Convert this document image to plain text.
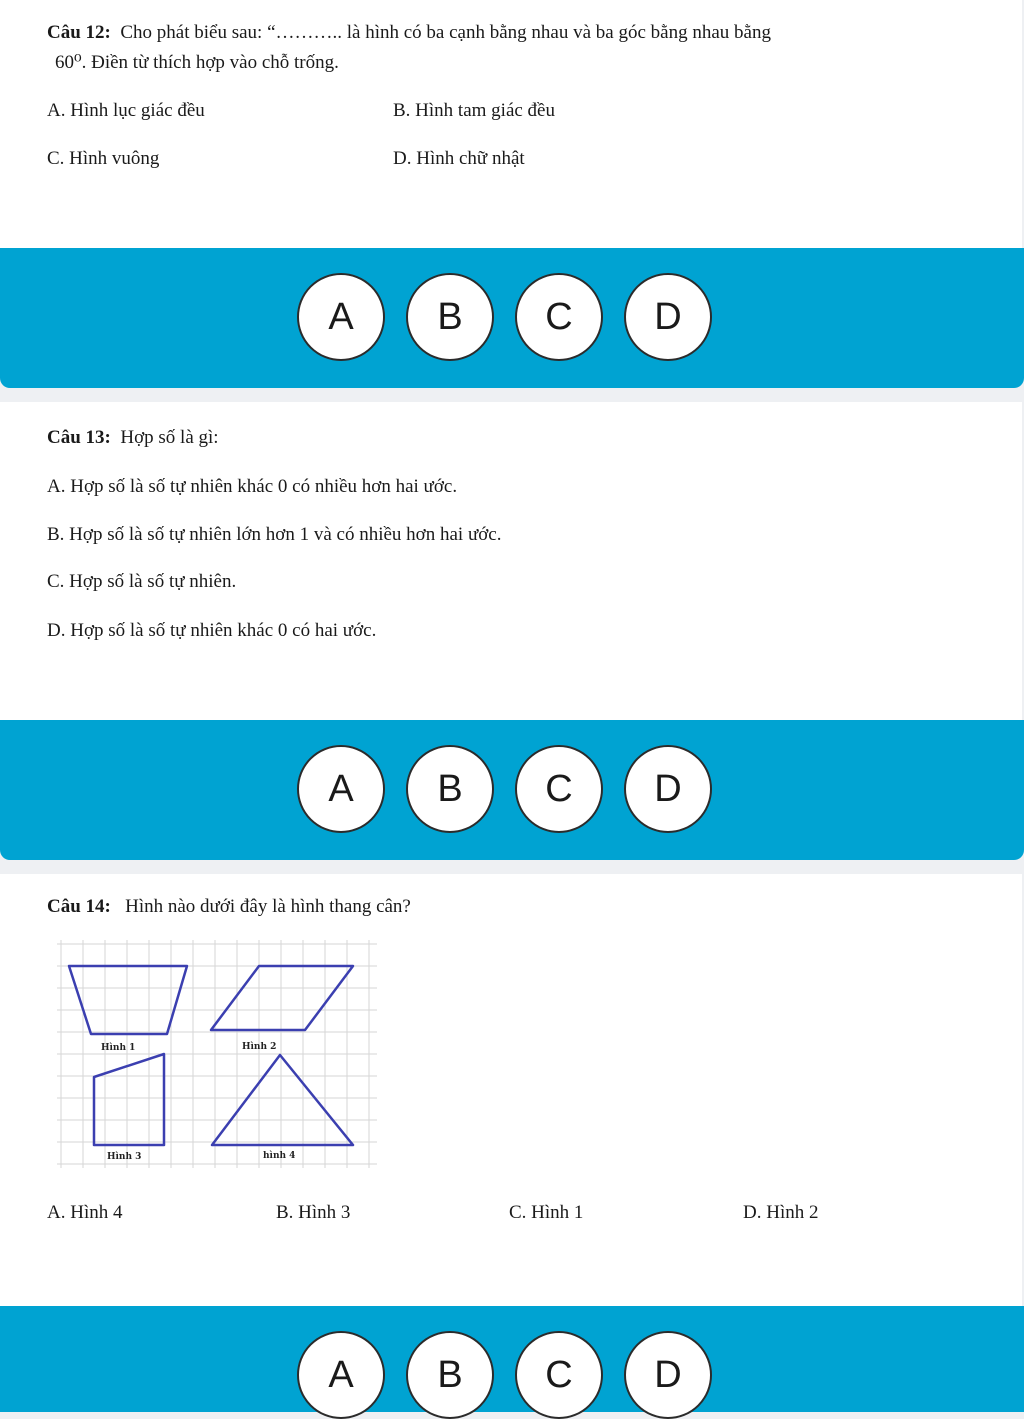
Câu 12: Cho phát biểu sau: “……….. là hình có ba cạnh bằng nhau và ba góc bằng nhau bằng
60⁰. Điền từ thích hợp vào chỗ trống.
A. Hình lục giác đều	B. Hình tam giác đều
C. Hình vuông	D. Hình chữ nhật
A	B	C	D
Câu 13: Hợp số là gì:
A. Hợp số là số tự nhiên khác 0 có nhiều hơn hai ước.
B. Hợp số là số tự nhiên lớn hơn 1 và có nhiều hơn hai ước.
C. Hợp số là số tự nhiên.
D. Hợp số là số tự nhiên khác 0 có hai ước.
A	B	C	D
Câu 14: Hình nào dưới đây là hình thang cân?
A. Hình 4	B. Hình 3	C. Hình 1	D. Hình 2
Hình 1	Hình 2
Hình 3	hình 4
A	B	C	D
